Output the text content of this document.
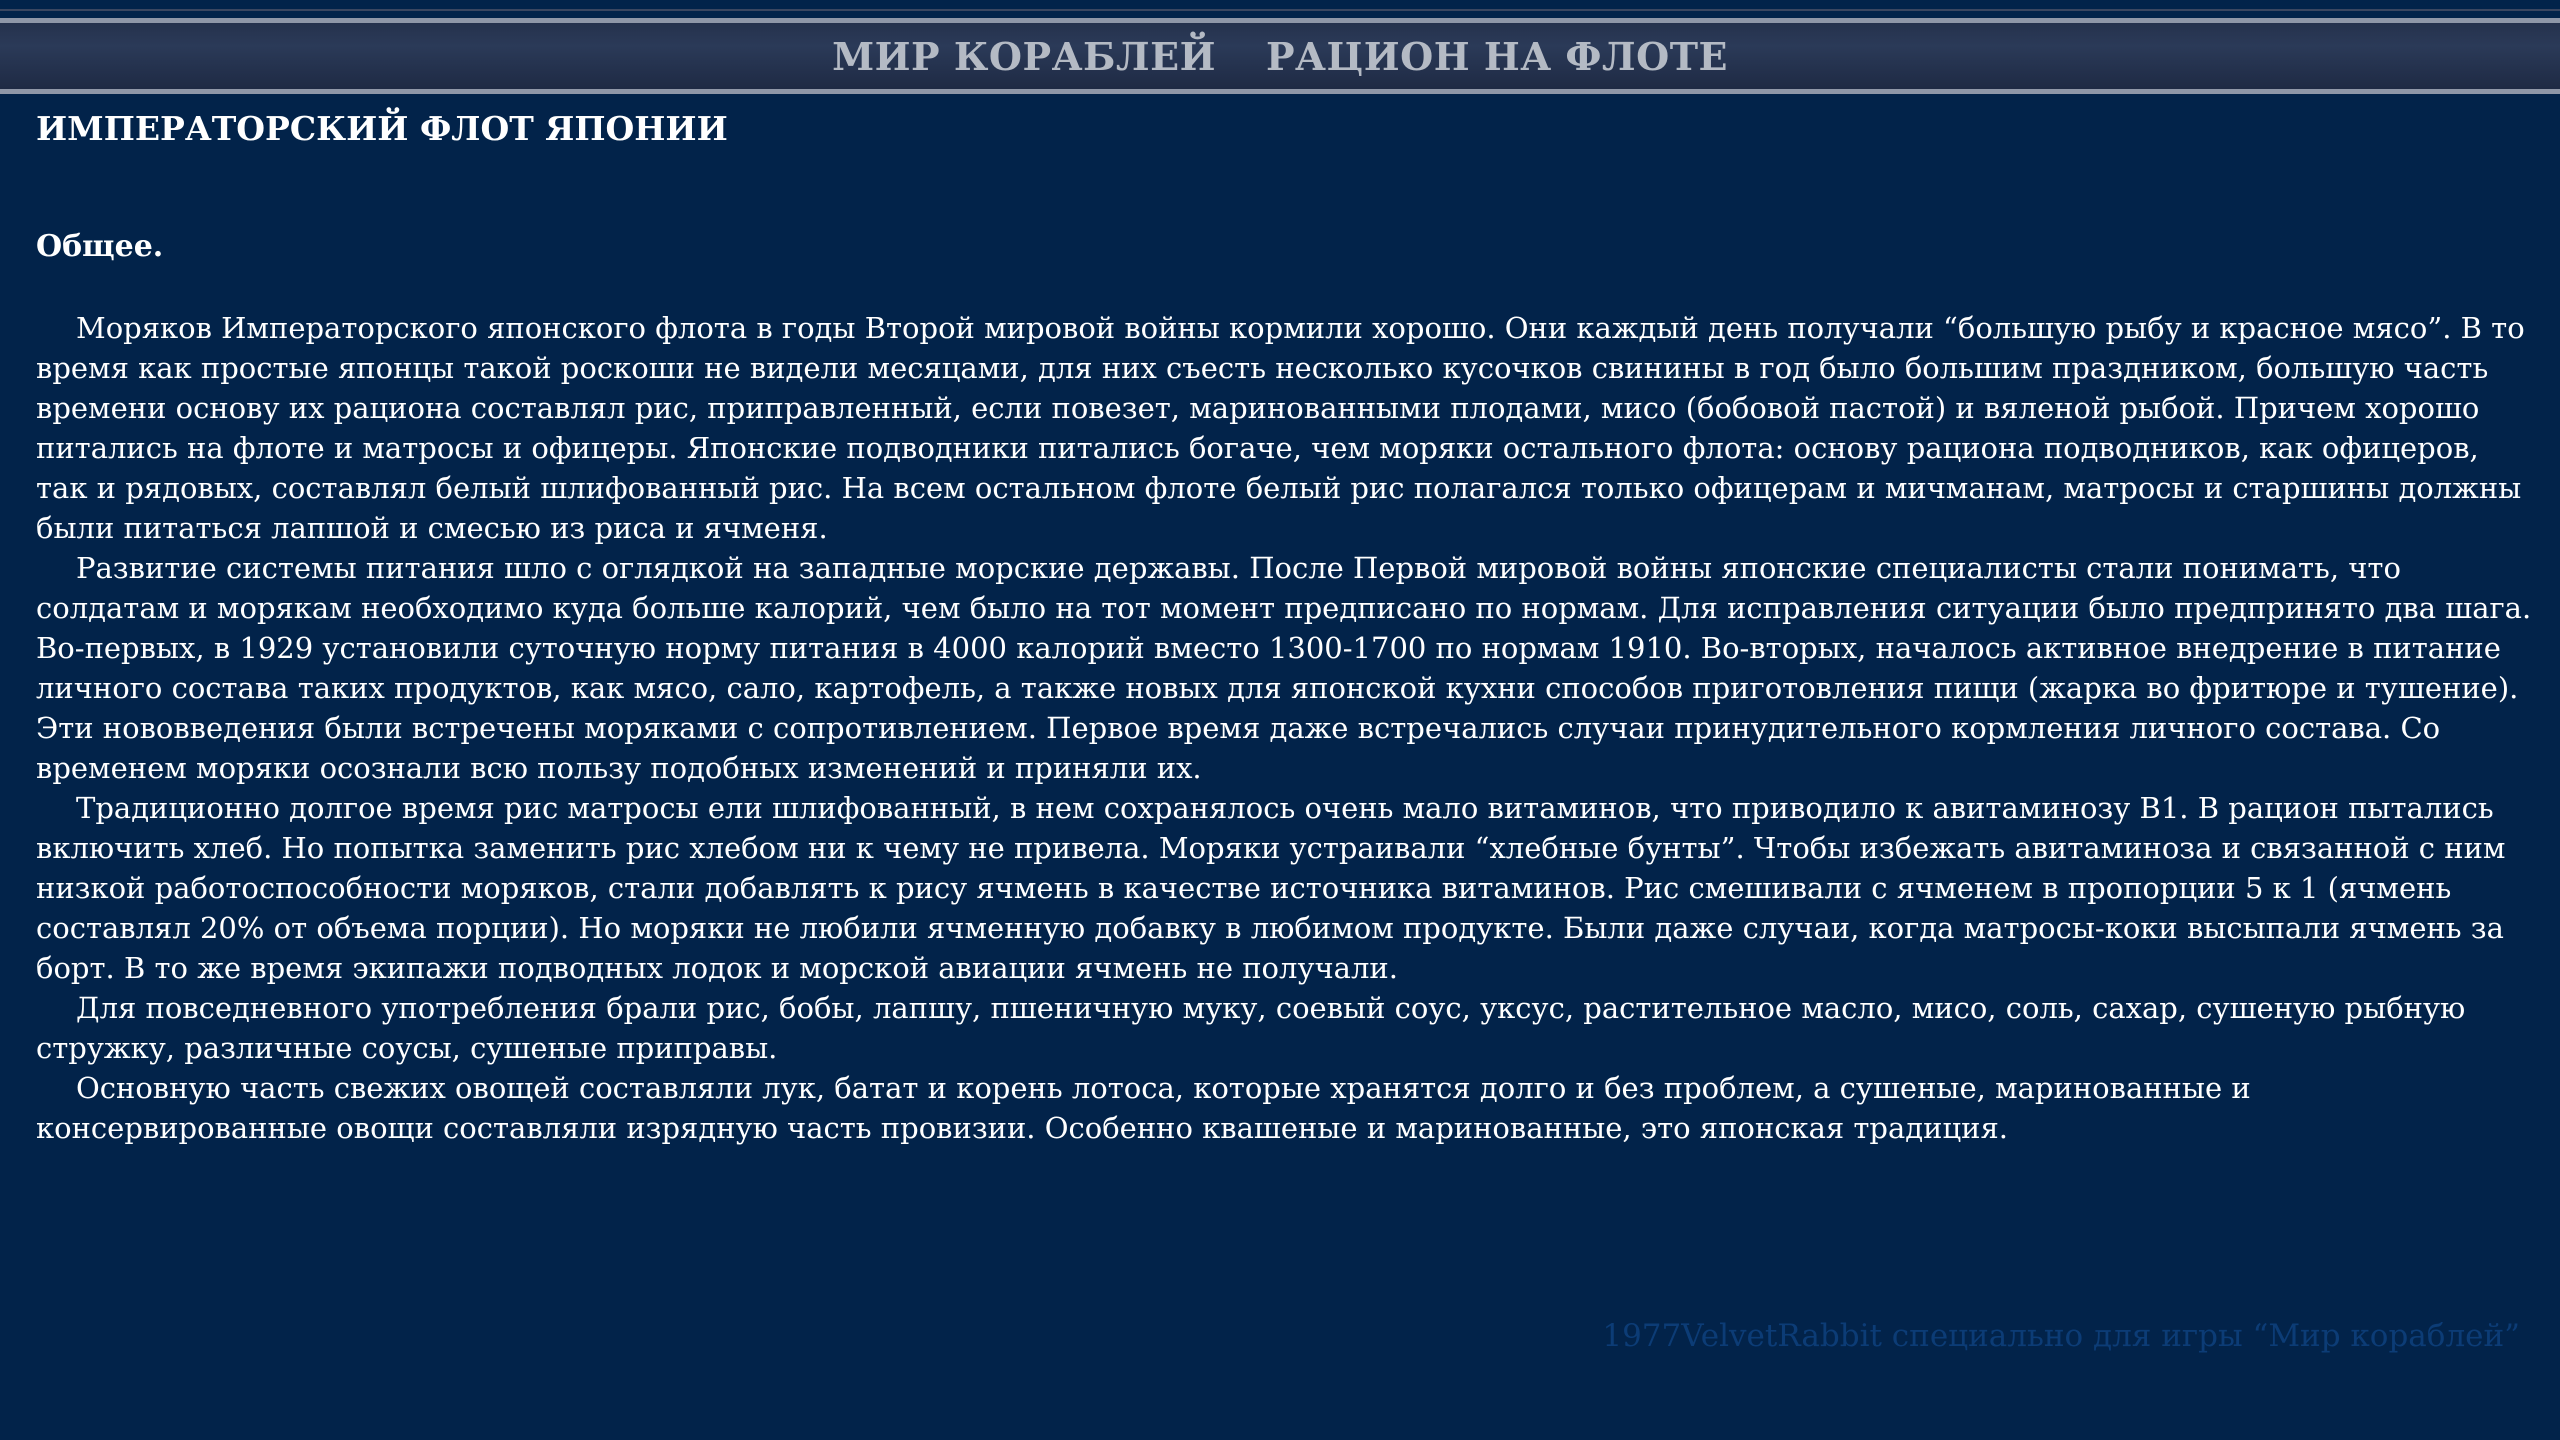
МИР КОРАБЛЕЙ РАЦИОН НА ФЛОТЕ
ИМПЕРАТОРСКИЙ ФЛОТ ЯПОНИИ
Общее.

Моряков Императорского японского флота в годы Второй мировой войны кормили хорошо. Они каждый день получали “большую рыбу и красное мясо”. В то время как простые японцы такой роскоши не видели месяцами, для них съесть несколько кусочков свинины в год было большим праздником, большую часть времени основу их рациона составлял рис, приправленный, если повезет, маринованными плодами, мисо (бобовой пастой) и вяленой рыбой. Причем хорошо питались на флоте и матросы и офицеры. Японские подводники питались богаче, чем моряки остального флота: основу рациона подводников, как офицеров, так и рядовых, составлял белый шлифованный рис. На всем остальном флоте белый рис полагался только офицерам и мичманам, матросы и старшины должны были питаться лапшой и смесью из риса и ячменя.

Развитие системы питания шло с оглядкой на западные морские державы. После Первой мировой войны японские специалисты стали понимать, что солдатам и морякам необходимо куда больше калорий, чем было на тот момент предписано по нормам. Для исправления ситуации было предпринято два шага. Во-первых, в 1929 установили суточную норму питания в 4000 калорий вместо 1300-1700 по нормам 1910. Во-вторых, началось активное внедрение в питание личного состава таких продуктов, как мясо, сало, картофель, а также новых для японской кухни способов приготовления пищи (жарка во фритюре и тушение). Эти нововведения были встречены моряками с сопротивлением. Первое время даже встречались случаи принудительного кормления личного состава. Со временем моряки осознали всю пользу подобных изменений и приняли их.

Традиционно долгое время рис матросы ели шлифованный, в нем сохранялось очень мало витаминов, что приводило к авитаминозу В1. В рацион пытались включить хлеб. Но попытка заменить рис хлебом ни к чему не привела. Моряки устраивали “хлебные бунты”. Чтобы избежать авитаминоза и связанной с ним низкой работоспособности моряков, стали добавлять к рису ячмень в качестве источника витаминов. Рис смешивали с ячменем в пропорции 5 к 1 (ячмень составлял 20% от объема порции). Но моряки не любили ячменную добавку в любимом продукте. Были даже случаи, когда матросы-коки высыпали ячмень за борт. В то же время экипажи подводных лодок и морской авиации ячмень не получали.

Для повседневного употребления брали рис, бобы, лапшу, пшеничную муку, соевый соус, уксус, растительное масло, мисо, соль, сахар, сушеную рыбную стружку, различные соусы, сушеные приправы.

Основную часть свежих овощей составляли лук, батат и корень лотоса, которые хранятся долго и без проблем, а сушеные, маринованные и консервированные овощи составляли изрядную часть провизии. Особенно квашеные и маринованные, это японская традиция.

1977VelvetRabbit специально для игры “Мир кораблей”
